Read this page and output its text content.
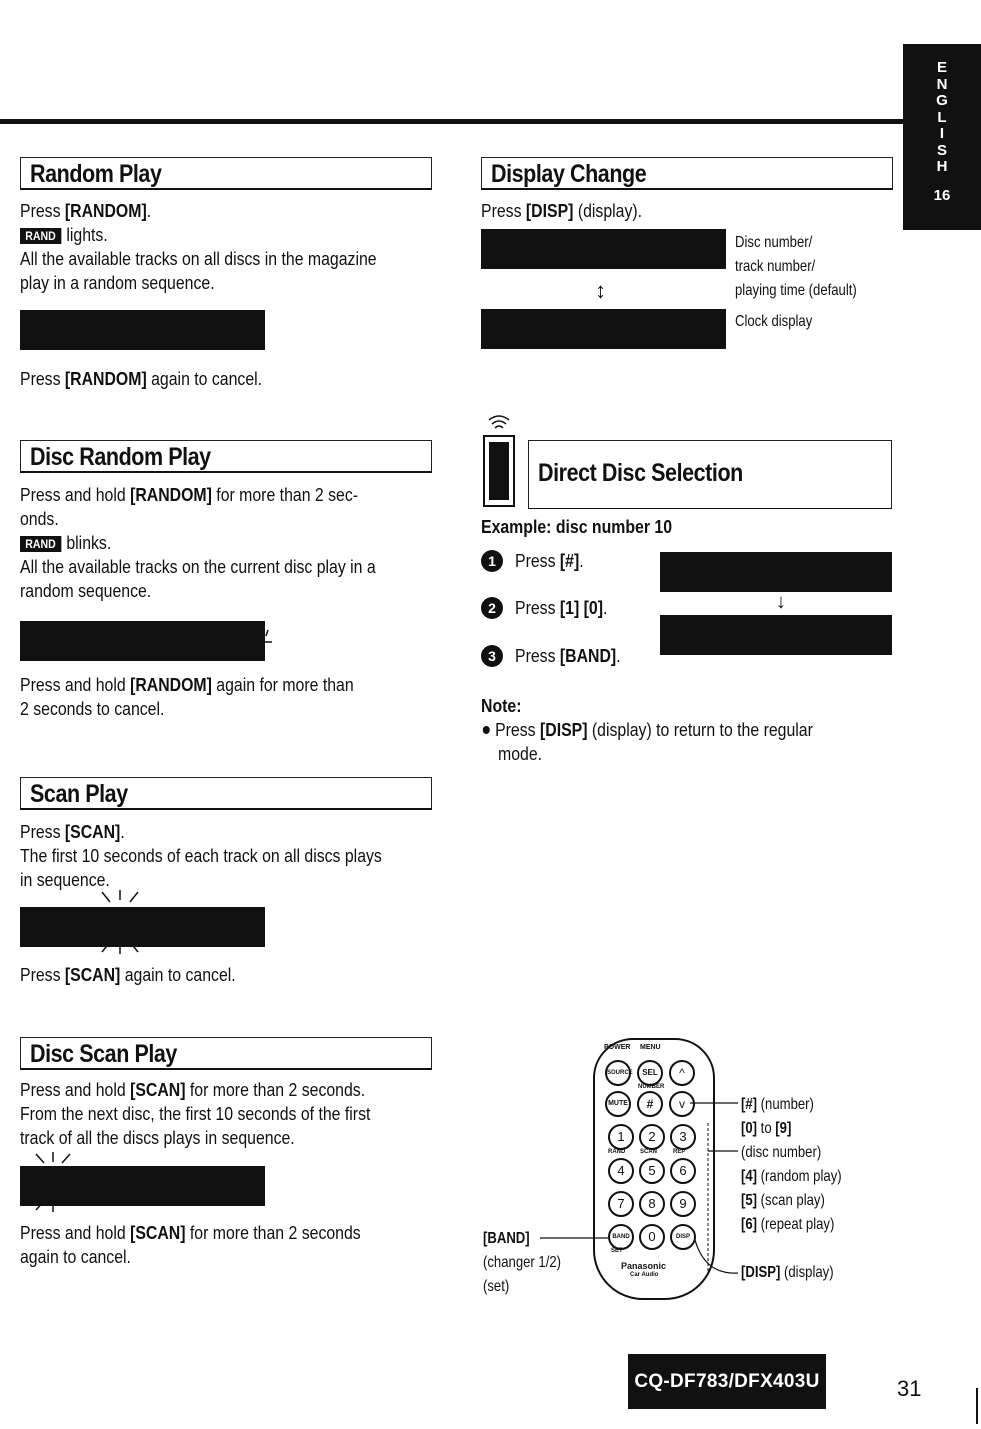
E
N
G
L
I
S
H
16
Random Play
Press [RANDOM].
RAND lights.
All the available tracks on all discs in the magazine
play in a random sequence.

Press [RANDOM] again to cancel.
Disc Random Play
Press and hold [RANDOM] for more than 2 sec-
onds.
RAND blinks.
All the available tracks on the current disc play in a
random sequence.

Press and hold [RANDOM] again for more than
2 seconds to cancel.
Scan Play
Press [SCAN].
The first 10 seconds of each track on all discs plays
in sequence.

Press [SCAN] again to cancel.
Disc Scan Play
Press and hold [SCAN] for more than 2 seconds.
From the next disc, the first 10 seconds of the first
track of all the discs plays in sequence.

Press and hold [SCAN] for more than 2 seconds
again to cancel.
Display Change
Press [DISP] (display).

↕

Disc number/
track number/
playing time (default)
Clock display
Direct Disc Selection
Example: disc number 10
1	Press [#].
2	Press [1] [0].
3	Press [BAND].

↓

Note:
Press [DISP] (display) to return to the regular
mode.
POWER MENU
SOURCE	SEL	^
NUMBER
MUTE	#	v
1	2	3
RAND SCAN	REP
4	5	6
7	8	9
BAND	0	DISP
SET
Panasonic
Car Audio
[#] (number)
[0] to [9]
(disc number)
[4] (random play)
[5] (scan play)
[6] (repeat play)
[DISP] (display)
[BAND]
(changer 1/2)
(set)
CQ-DF783/DFX403U	31
